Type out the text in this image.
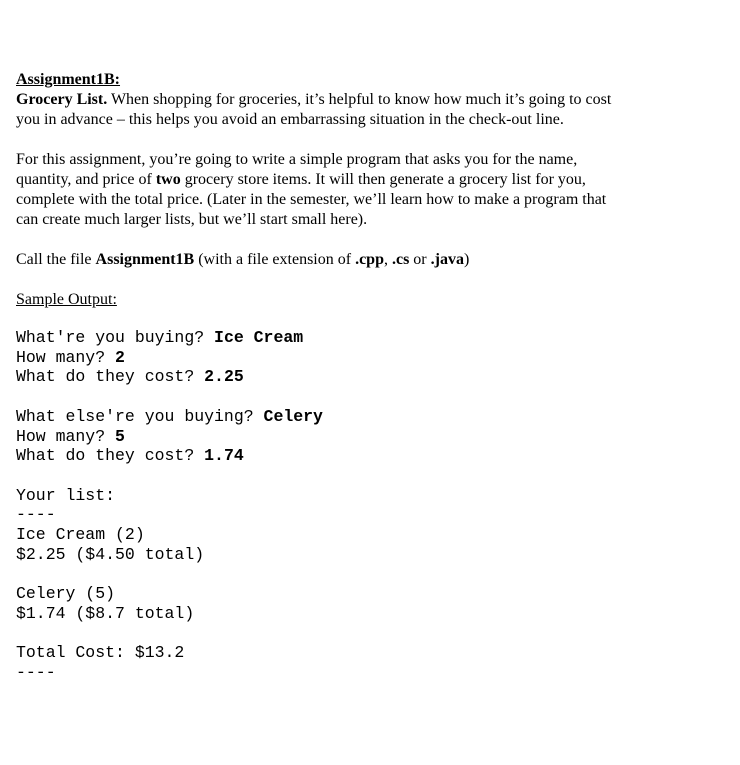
Assignment1B:
Grocery List. When shopping for groceries, it’s helpful to know how much it’s going to cost
you in advance – this helps you avoid an embarrassing situation in the check-out line.
For this assignment, you’re going to write a simple program that asks you for the name,
quantity, and price of two grocery store items. It will then generate a grocery list for you,
complete with the total price. (Later in the semester, we’ll learn how to make a program that
can create much larger lists, but we’ll start small here).
Call the file Assignment1B (with a file extension of .cpp, .cs or .java)
Sample Output:
What're you buying? Ice Cream
How many? 2
What do they cost? 2.25
What else're you buying? Celery
How many? 5
What do they cost? 1.74
Your list:
----
Ice Cream (2)
$2.25 ($4.50 total)
Celery (5)
$1.74 ($8.7 total)
Total Cost: $13.2
----
